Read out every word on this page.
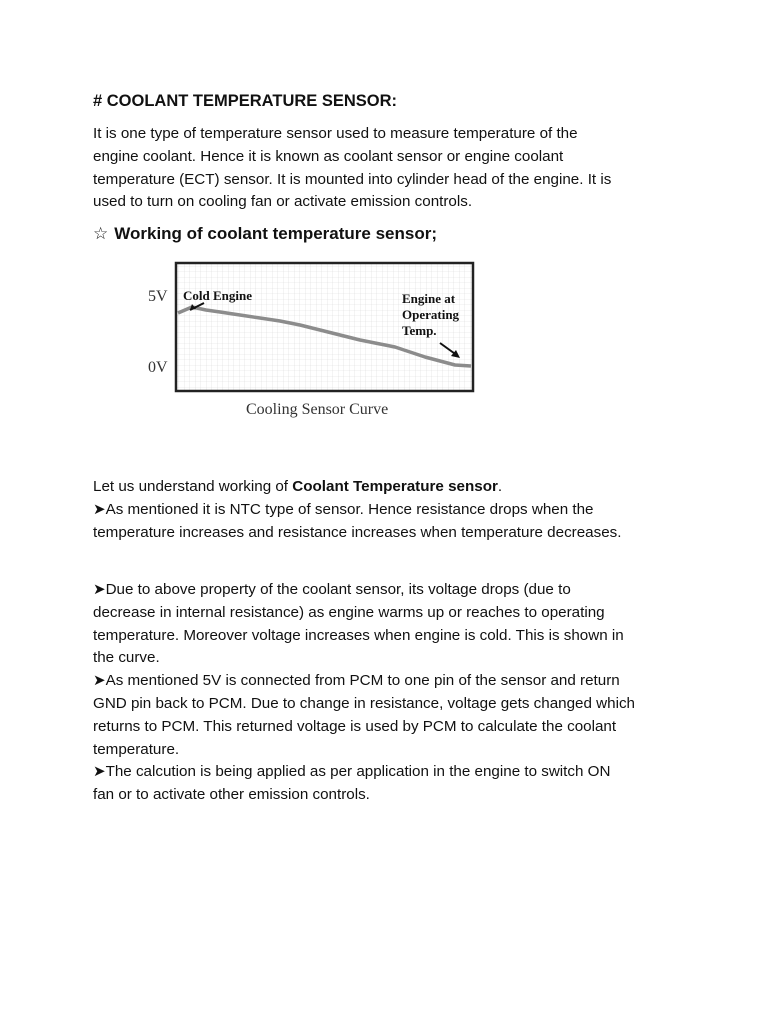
# COOLANT TEMPERATURE SENSOR:

It is one type of temperature sensor used to measure temperature of the
engine coolant. Hence it is known as coolant sensor or engine coolant
temperature (ECT) sensor. It is mounted into cylinder head of the engine. It is
used to turn on cooling fan or activate emission controls.

☆ Working of coolant temperature sensor;
5V
0V
Cold Engine	Engine at
Operating
Temp.
Cooling Sensor Curve

Let us understand working of Coolant Temperature sensor.
➤As mentioned it is NTC type of sensor. Hence resistance drops when the
temperature increases and resistance increases when temperature decreases.

➤Due to above property of the coolant sensor, its voltage drops (due to
decrease in internal resistance) as engine warms up or reaches to operating
temperature. Moreover voltage increases when engine is cold. This is shown in
the curve.
➤As mentioned 5V is connected from PCM to one pin of the sensor and return
GND pin back to PCM. Due to change in resistance, voltage gets changed which
returns to PCM. This returned voltage is used by PCM to calculate the coolant
temperature.
➤The calcution is being applied as per application in the engine to switch ON
fan or to activate other emission controls.
